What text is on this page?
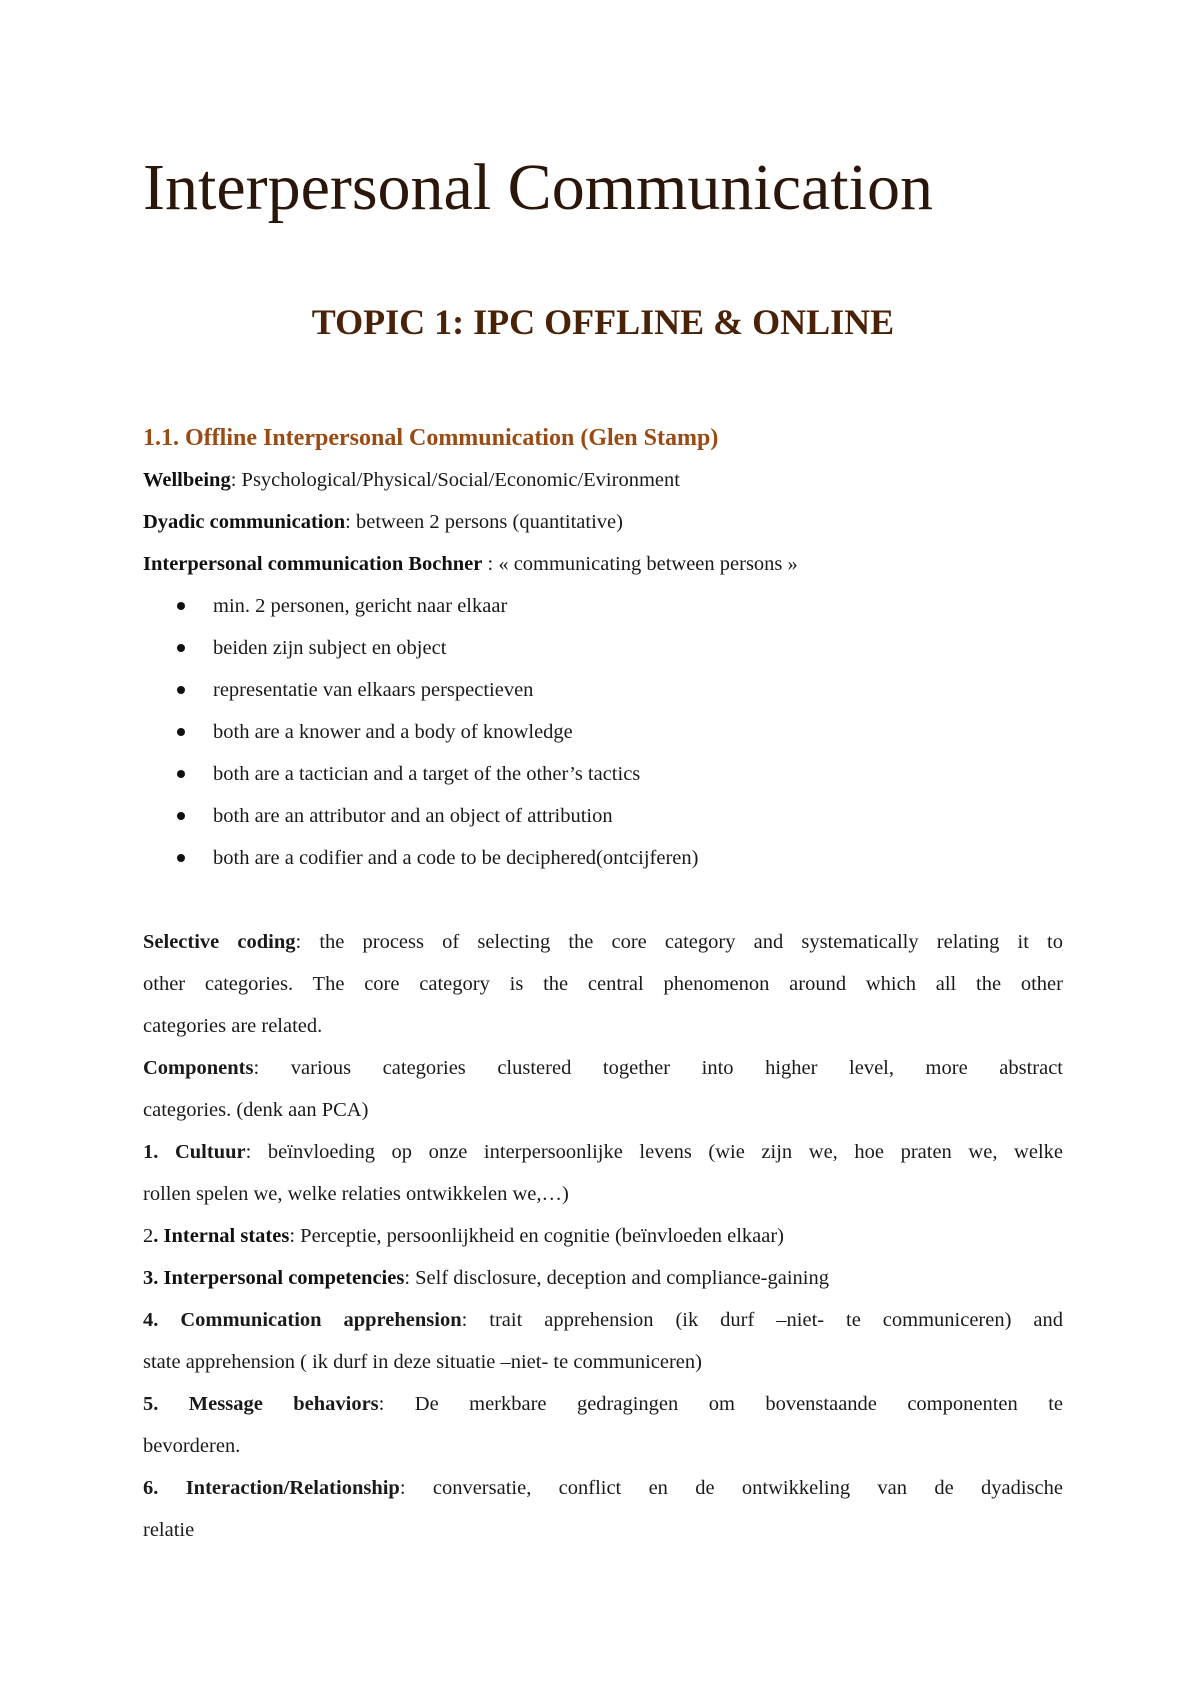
Interpersonal Communication
TOPIC 1: IPC OFFLINE & ONLINE
1.1. Offline Interpersonal Communication (Glen Stamp)

Wellbeing: Psychological/Physical/Social/Economic/Evironment

Dyadic communication: between 2 persons (quantitative)

Interpersonal communication Bochner : « communicating between persons »

min. 2 personen, gericht naar elkaar
beiden zijn subject en object
representatie van elkaars perspectieven
both are a knower and a body of knowledge
both are a tactician and a target of the other’s tactics
both are an attributor and an object of attribution
both are a codifier and a code to be deciphered(ontcijferen)

Selective coding: the process of selecting the core category and systematically relating it to

other categories. The core category is the central phenomenon around which all the other

categories are related.

Components: various categories clustered together into higher level, more abstract

categories. (denk aan PCA)

1. Cultuur: beïnvloeding op onze interpersoonlijke levens (wie zijn we, hoe praten we, welke

rollen spelen we, welke relaties ontwikkelen we,…)

2. Internal states: Perceptie, persoonlijkheid en cognitie (beïnvloeden elkaar)

3. Interpersonal competencies: Self disclosure, deception and compliance-gaining

4. Communication apprehension: trait apprehension (ik durf –niet- te communiceren) and

state apprehension ( ik durf in deze situatie –niet- te communiceren)

5. Message behaviors: De merkbare gedragingen om bovenstaande componenten te

bevorderen.

6. Interaction/Relationship: conversatie, conflict en de ontwikkeling van de dyadische

relatie
